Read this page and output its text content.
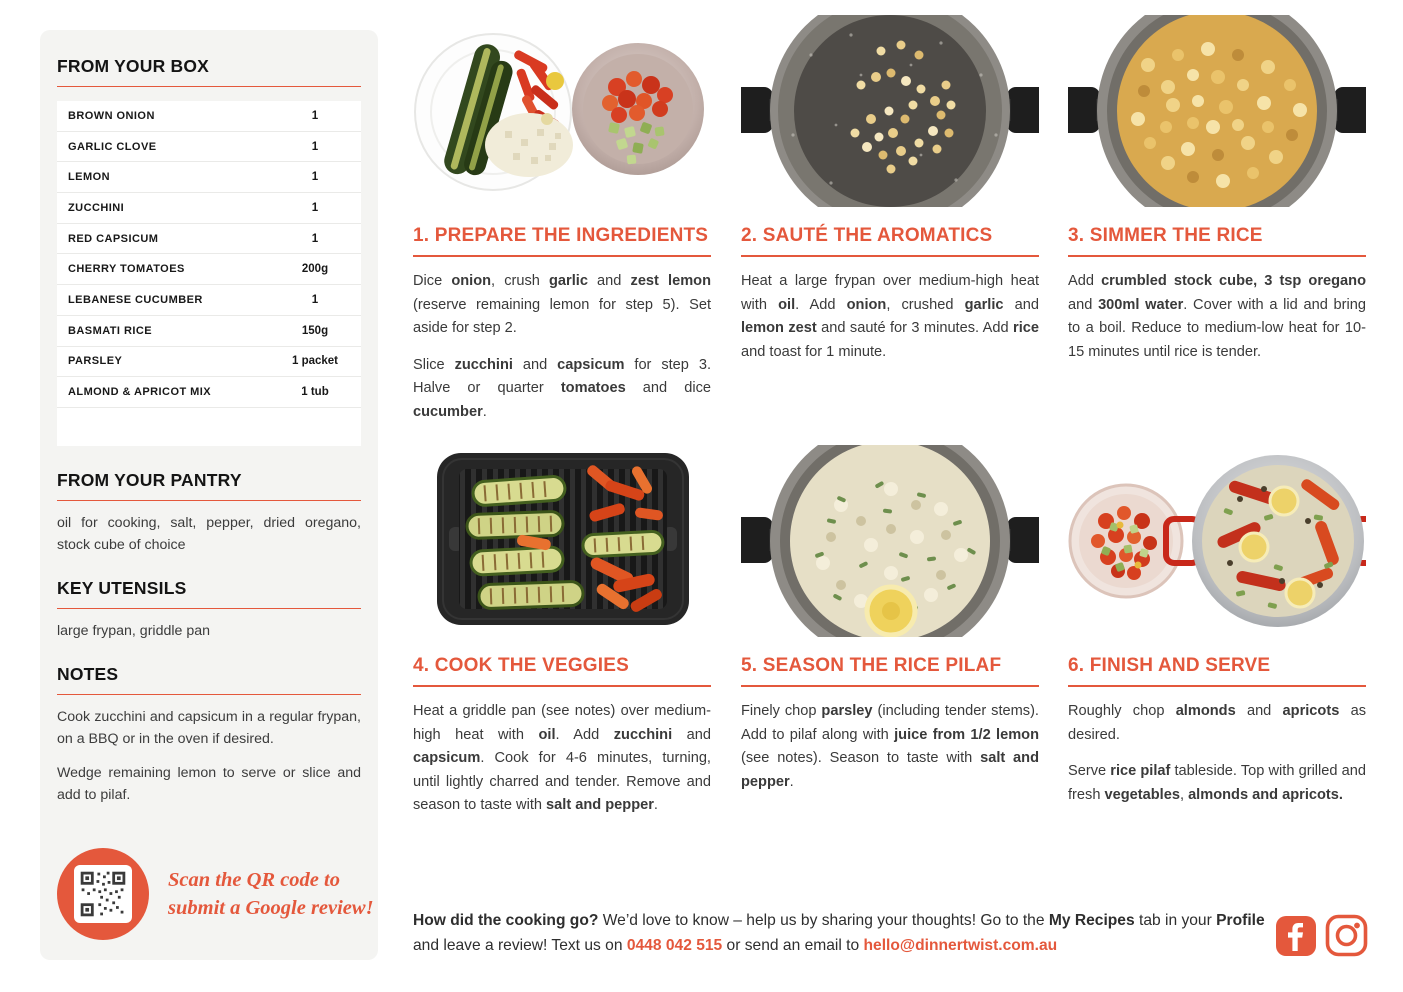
FROM YOUR BOX
BROWN ONION	1
GARLIC CLOVE	1
LEMON	1
ZUCCHINI	1
RED CAPSICUM	1
CHERRY TOMATOES	200g
LEBANESE CUCUMBER	1
BASMATI RICE	150g
PARSLEY	1 packet
ALMOND & APRICOT MIX	1 tub
FROM YOUR PANTRY

oil for cooking, salt, pepper, dried oregano, stock cube of choice

KEY UTENSILS

large frypan, griddle pan

NOTES

Cook zucchini and capsicum in a regular frypan, on a BBQ or in the oven if desired.

Wedge remaining lemon to serve or slice and add to pilaf.

Scan the QR code to
submit a Google review!
1. PREPARE THE INGREDIENTS

Dice onion, crush garlic and zest lemon (reserve remaining lemon for step 5). Set aside for step 2.

Slice zucchini and capsicum for step 3. Halve or quarter tomatoes and dice cucumber.

2. SAUTÉ THE AROMATICS

Heat a large frypan over medium-high heat with oil. Add onion, crushed garlic and lemon zest and sauté for 3 minutes. Add rice and toast for 1 minute.

3. SIMMER THE RICE

Add crumbled stock cube, 3 tsp oregano and 300ml water. Cover with a lid and bring to a boil. Reduce to medium-low heat for 10-15 minutes until rice is tender.

4. COOK THE VEGGIES

Heat a griddle pan (see notes) over medium-high heat with oil. Add zucchini and capsicum. Cook for 4-6 minutes, turning, until lightly charred and tender. Remove and season to taste with salt and pepper.

5. SEASON THE RICE PILAF

Finely chop parsley (including tender stems). Add to pilaf along with juice from 1/2 lemon (see notes). Season to taste with salt and pepper.

6. FINISH AND SERVE

Roughly chop almonds and apricots as desired.

Serve rice pilaf tableside. Top with grilled and fresh vegetables, almonds and apricots.

How did the cooking go? We’d love to know – help us by sharing your thoughts! Go to the My Recipes tab in your Profile and leave a review! Text us on 0448 042 515 or send an email to hello@dinnertwist.com.au
